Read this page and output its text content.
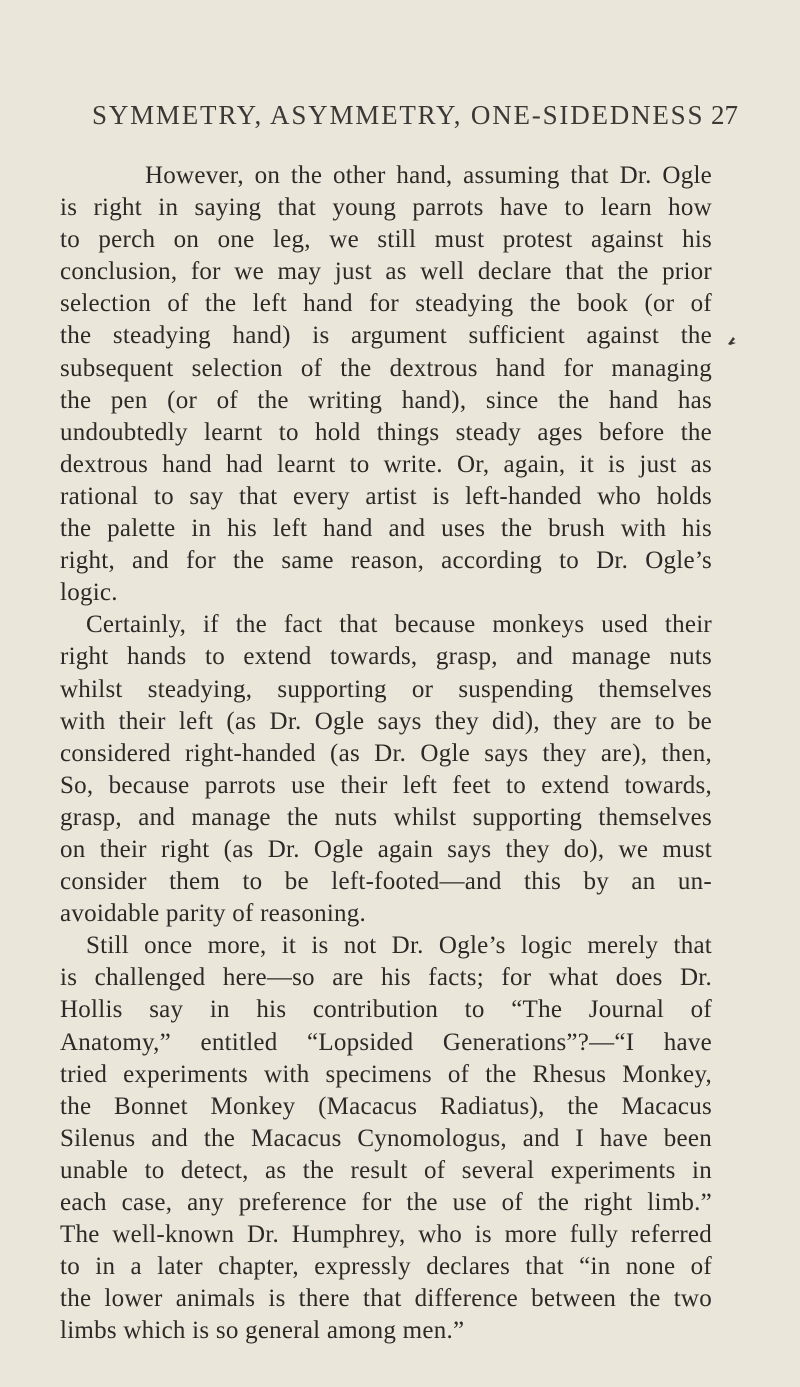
SYMMETRY, ASYMMETRY, ONE-SIDEDNESS 27
However, on the other hand, assuming that Dr. Ogle
is right in saying that young parrots have to learn how
to perch on one leg, we still must protest against his
conclusion, for we may just as well declare that the prior
selection of the left hand for steadying the book (or of
the steadying hand) is argument sufficient against the
subsequent selection of the dextrous hand for managing
the pen (or of the writing hand), since the hand has
undoubtedly learnt to hold things steady ages before the
dextrous hand had learnt to write. Or, again, it is just as
rational to say that every artist is left-handed who holds
the palette in his left hand and uses the brush with his
right, and for the same reason, according to Dr. Ogle’s
logic.
Certainly, if the fact that because monkeys used their
right hands to extend towards, grasp, and manage nuts
whilst steadying, supporting or suspending themselves
with their left (as Dr. Ogle says they did), they are to be
considered right-handed (as Dr. Ogle says they are), then,
So, because parrots use their left feet to extend towards,
grasp, and manage the nuts whilst supporting themselves
on their right (as Dr. Ogle again says they do), we must
consider them to be left-footed—and this by an un-
avoidable parity of reasoning.
Still once more, it is not Dr. Ogle’s logic merely that
is challenged here—so are his facts; for what does Dr.
Hollis say in his contribution to “The Journal of
Anatomy,” entitled “Lopsided Generations”?—“I have
tried experiments with specimens of the Rhesus Monkey,
the Bonnet Monkey (Macacus Radiatus), the Macacus
Silenus and the Macacus Cynomologus, and I have been
unable to detect, as the result of several experiments in
each case, any preference for the use of the right limb.”
The well-known Dr. Humphrey, who is more fully referred
to in a later chapter, expressly declares that “in none of
the lower animals is there that difference between the two
limbs which is so general among men.”
